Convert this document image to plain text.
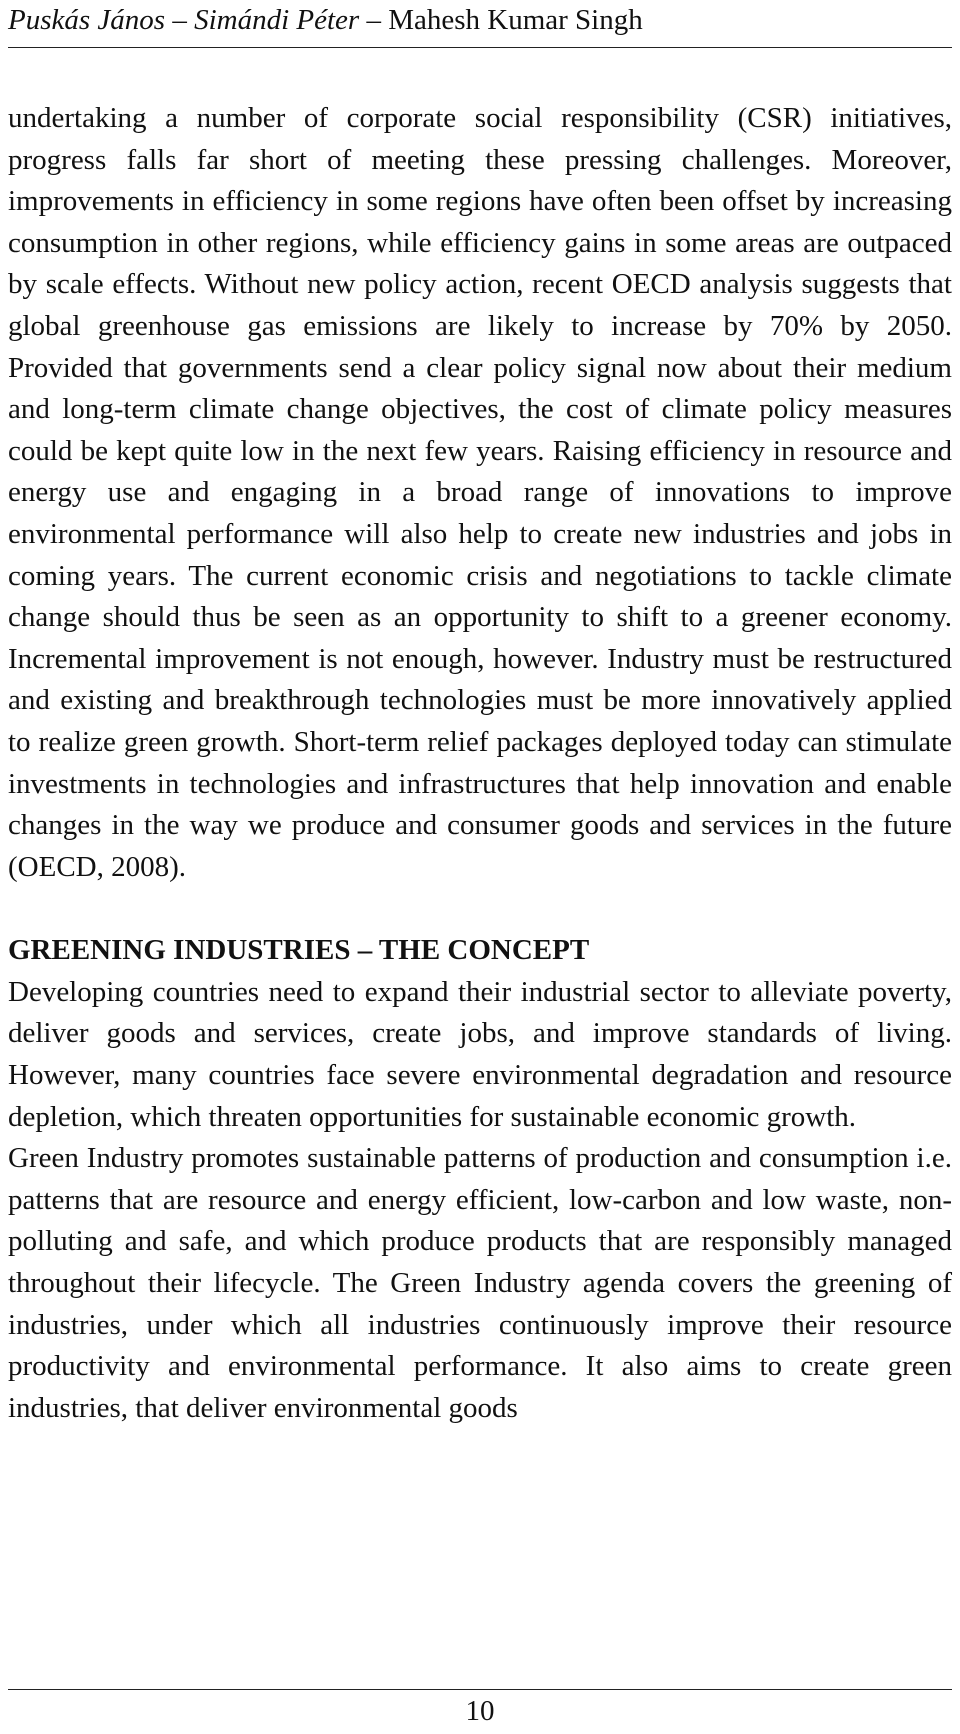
Puskás János – Simándi Péter – Mahesh Kumar Singh

undertaking a number of corporate social responsibility (CSR) initiatives, progress falls far short of meeting these pressing challenges. Moreover, improvements in efficiency in some regions have often been offset by increasing consumption in other regions, while efficiency gains in some areas are outpaced by scale effects. Without new policy action, recent OECD analysis suggests that global greenhouse gas emissions are likely to increase by 70% by 2050. Provided that governments send a clear policy signal now about their medium and long-term climate change objectives, the cost of climate policy measures could be kept quite low in the next few years. Raising efficiency in resource and energy use and engaging in a broad range of innovations to improve environmental performance will also help to create new industries and jobs in coming years. The current economic crisis and negotiations to tackle climate change should thus be seen as an opportunity to shift to a greener economy. Incremental improvement is not enough, however. Industry must be restructured and existing and breakthrough technologies must be more innovatively applied to realize green growth. Short-term relief packages deployed today can stimulate investments in technologies and infrastructures that help innovation and enable changes in the way we produce and consumer goods and services in the future (OECD, 2008).

GREENING INDUSTRIES – THE CONCEPT

Developing countries need to expand their industrial sector to alleviate poverty, deliver goods and services, create jobs, and improve standards of living. However, many countries face severe environmental degradation and resource depletion, which threaten opportunities for sustainable economic growth.

Green Industry promotes sustainable patterns of production and consumption i.e. patterns that are resource and energy efficient, low-carbon and low waste, non-polluting and safe, and which produce products that are responsibly managed throughout their lifecycle. The Green Industry agenda covers the greening of industries, under which all industries continuously improve their resource productivity and environmental performance. It also aims to create green industries, that deliver environmental goods

10
